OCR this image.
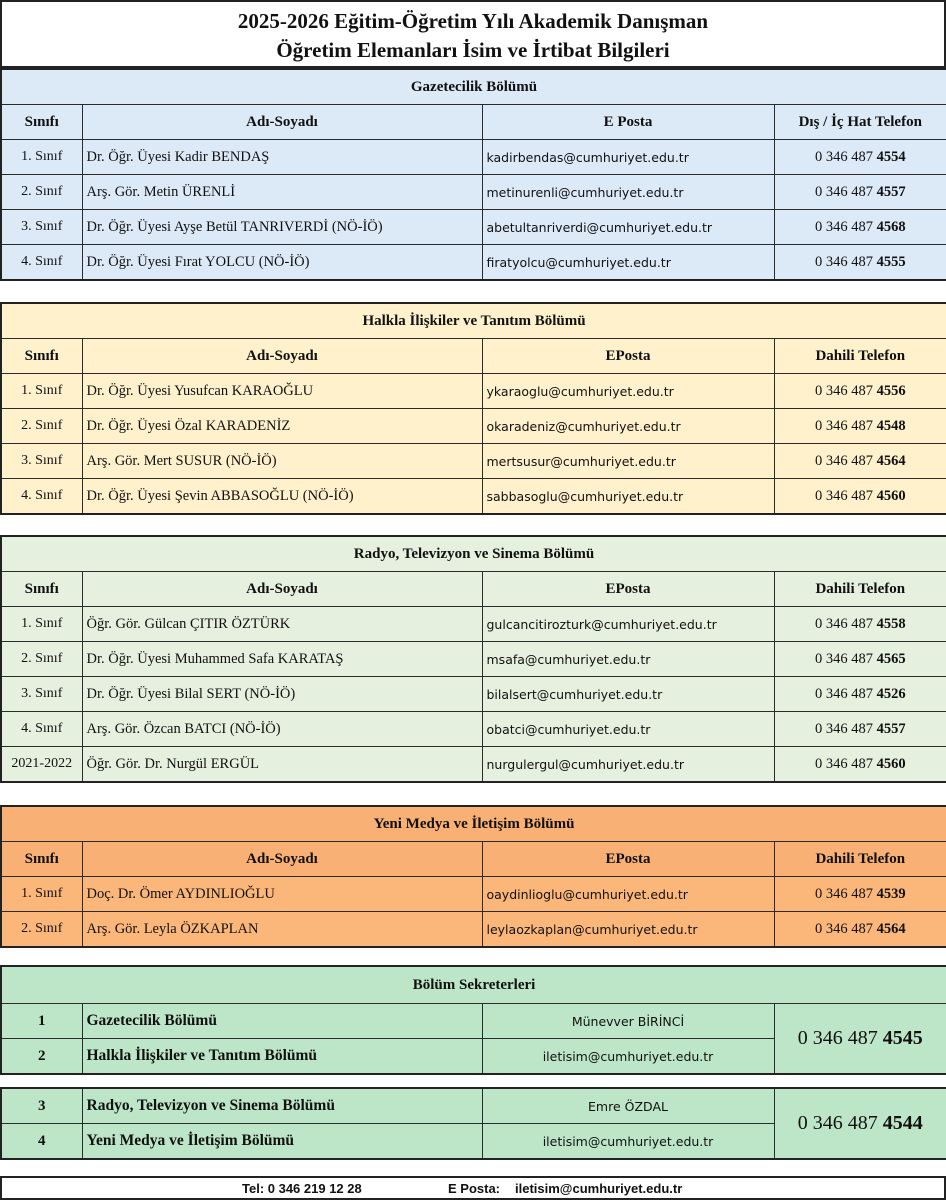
2025-2026 Eğitim-Öğretim Yılı Akademik Danışman
Öğretim Elemanları İsim ve İrtibat Bilgileri
Gazetecilik Bölümü			
Sınıfı	Adı-Soyadı	E Posta	Dış / İç Hat Telefon
1. Sınıf	Dr. Öğr. Üyesi Kadir BENDAŞ	kadirbendas@cumhuriyet.edu.tr	0 346 487 4554
2. Sınıf	Arş. Gör. Metin ÜRENLİ	metinurenli@cumhuriyet.edu.tr	0 346 487 4557
3. Sınıf	Dr. Öğr. Üyesi Ayşe Betül TANRIVERDİ (NÖ-İÖ)	abetultanriverdi@cumhuriyet.edu.tr	0 346 487 4568
4. Sınıf	Dr. Öğr. Üyesi Fırat YOLCU (NÖ-İÖ)	firatyolcu@cumhuriyet.edu.tr	0 346 487 4555
Halkla İlişkiler ve Tanıtım Bölümü			
Sınıfı	Adı-Soyadı	EPosta	Dahili Telefon
1. Sınıf	Dr. Öğr. Üyesi Yusufcan KARAOĞLU	ykaraoglu@cumhuriyet.edu.tr	0 346 487 4556
2. Sınıf	Dr. Öğr. Üyesi Özal KARADENİZ	okaradeniz@cumhuriyet.edu.tr	0 346 487 4548
3. Sınıf	Arş. Gör. Mert SUSUR (NÖ-İÖ)	mertsusur@cumhuriyet.edu.tr	0 346 487 4564
4. Sınıf	Dr. Öğr. Üyesi Şevin ABBASOĞLU (NÖ-İÖ)	sabbasoglu@cumhuriyet.edu.tr	0 346 487 4560
Radyo, Televizyon ve Sinema Bölümü			
Sınıfı	Adı-Soyadı	EPosta	Dahili Telefon
1. Sınıf	Öğr. Gör. Gülcan ÇITIR ÖZTÜRK	gulcancitirozturk@cumhuriyet.edu.tr	0 346 487 4558
2. Sınıf	Dr. Öğr. Üyesi Muhammed Safa KARATAŞ	msafa@cumhuriyet.edu.tr	0 346 487 4565
3. Sınıf	Dr. Öğr. Üyesi Bilal SERT (NÖ-İÖ)	bilalsert@cumhuriyet.edu.tr	0 346 487 4526
4. Sınıf	Arş. Gör. Özcan BATCI (NÖ-İÖ)	obatci@cumhuriyet.edu.tr	0 346 487 4557
2021-2022	Öğr. Gör. Dr. Nurgül ERGÜL	nurgulergul@cumhuriyet.edu.tr	0 346 487 4560
Yeni Medya ve İletişim Bölümü			
Sınıfı	Adı-Soyadı	EPosta	Dahili Telefon
1. Sınıf	Doç. Dr. Ömer AYDINLIOĞLU	oaydinlioglu@cumhuriyet.edu.tr	0 346 487 4539
2. Sınıf	Arş. Gör. Leyla ÖZKAPLAN	leylaozkaplan@cumhuriyet.edu.tr	0 346 487 4564
Bölüm Sekreterleri			
1	Gazetecilik Bölümü	Münevver BİRİNCİ	0 346 487 4545
2	Halkla İlişkiler ve Tanıtım Bölümü	iletisim@cumhuriyet.edu.tr	
3	Radyo, Televizyon ve Sinema Bölümü	Emre ÖZDAL	0 346 487 4544
4	Yeni Medya ve İletişim Bölümü	iletisim@cumhuriyet.edu.tr	
Tel: 0 346 219 12 28	E Posta: iletisim@cumhuriyet.edu.tr
